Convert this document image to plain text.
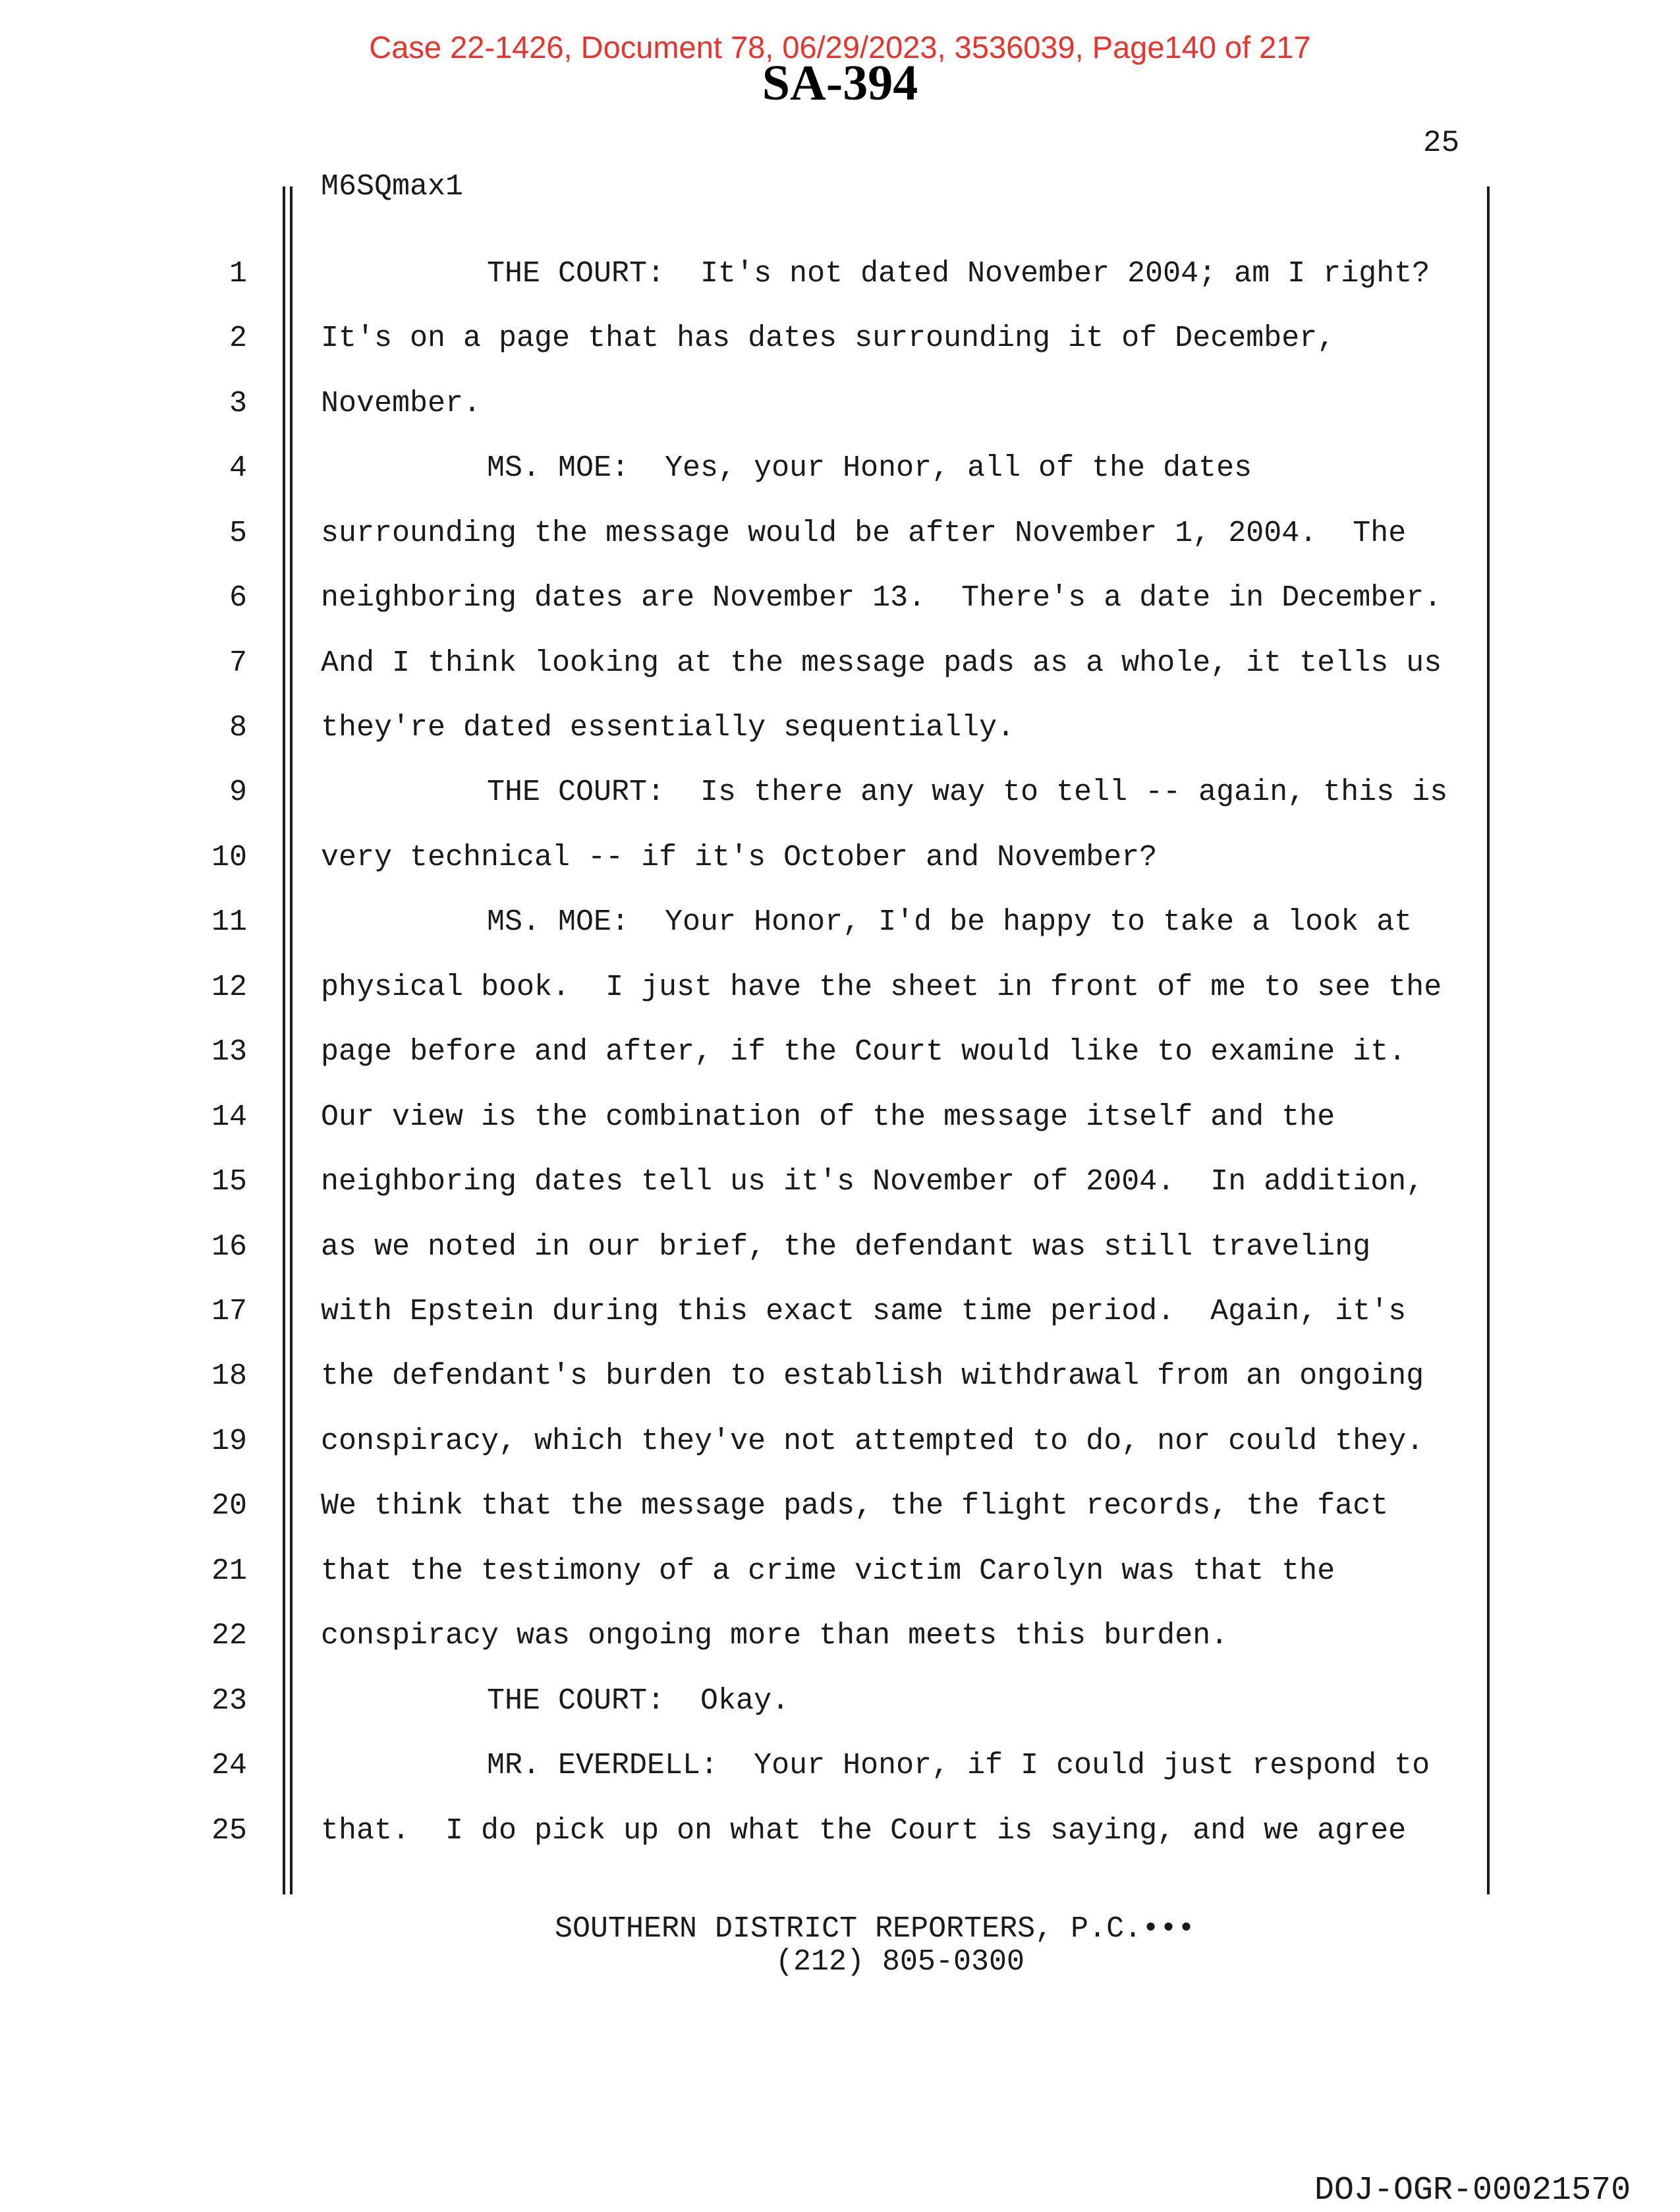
Case 22-1426, Document 78, 06/29/2023, 3536039, Page140 of 217
SA-394
25
M6SQmax1
1	THE COURT:  It's not dated November 2004; am I right?
2 It's on a page that has dates surrounding it of December,
3 November.
4	MS. MOE:  Yes, your Honor, all of the dates
5 surrounding the message would be after November 1, 2004.  The
6 neighboring dates are November 13.  There's a date in December.
7 And I think looking at the message pads as a whole, it tells us
8 they're dated essentially sequentially.
9	THE COURT:  Is there any way to tell -- again, this is
10 very technical -- if it's October and November?
11	MS. MOE:  Your Honor, I'd be happy to take a look at
12 physical book.  I just have the sheet in front of me to see the
13 page before and after, if the Court would like to examine it.
14 Our view is the combination of the message itself and the
15 neighboring dates tell us it's November of 2004.  In addition,
16 as we noted in our brief, the defendant was still traveling
17 with Epstein during this exact same time period.  Again, it's
18 the defendant's burden to establish withdrawal from an ongoing
19 conspiracy, which they've not attempted to do, nor could they.
20 We think that the message pads, the flight records, the fact
21 that the testimony of a crime victim Carolyn was that the
22 conspiracy was ongoing more than meets this burden.
23	THE COURT:  Okay.
24	MR. EVERDELL:  Your Honor, if I could just respond to
25 that.  I do pick up on what the Court is saying, and we agree
SOUTHERN DISTRICT REPORTERS, P.C.•••
(212) 805-0300
DOJ-OGR-00021570
